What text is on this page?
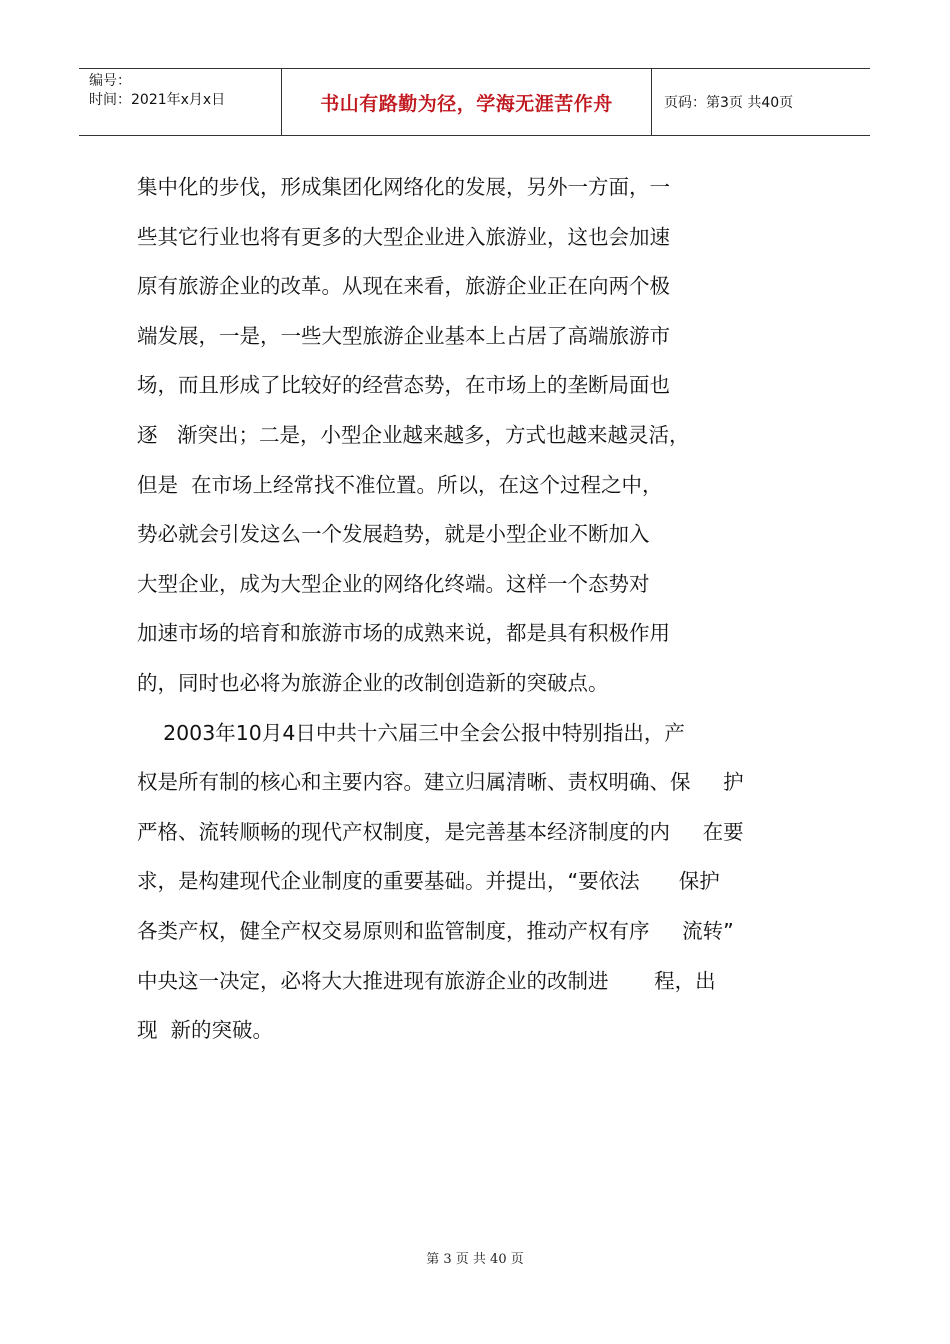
编号：
时间：2021年x月x日	书山有路勤为径，学海无涯苦作舟	页码：第3页 共40页
集中化的步伐，形成集团化网络化的发展，另外一方面，一
些其它行业也将有更多的大型企业进入旅游业，这也会加速
原有旅游企业的改革。从现在来看，旅游企业正在向两个极
端发展，一是，一些大型旅游企业基本上占居了高端旅游市
场，而且形成了比较好的经营态势，在市场上的垄断局面也
逐   渐突出；二是，小型企业越来越多，方式也越来越灵活，
但是  在市场上经常找不准位置。所以，在这个过程之中，
势必就会引发这么一个发展趋势，就是小型企业不断加入
大型企业，成为大型企业的网络化终端。这样一个态势对
加速市场的培育和旅游市场的成熟来说，都是具有积极作用
的，同时也必将为旅游企业的改制创造新的突破点。
2003年10月4日中共十六届三中全会公报中特别指出，产
权是所有制的核心和主要内容。建立归属清晰、责权明确、保     护
严格、流转顺畅的现代产权制度，是完善基本经济制度的内     在要
求，是构建现代企业制度的重要基础。并提出，“要依法      保护
各类产权，健全产权交易原则和监管制度，推动产权有序     流转”
中央这一决定，必将大大推进现有旅游企业的改制进       程，出
现  新的突破。
第 3 页 共 40 页
